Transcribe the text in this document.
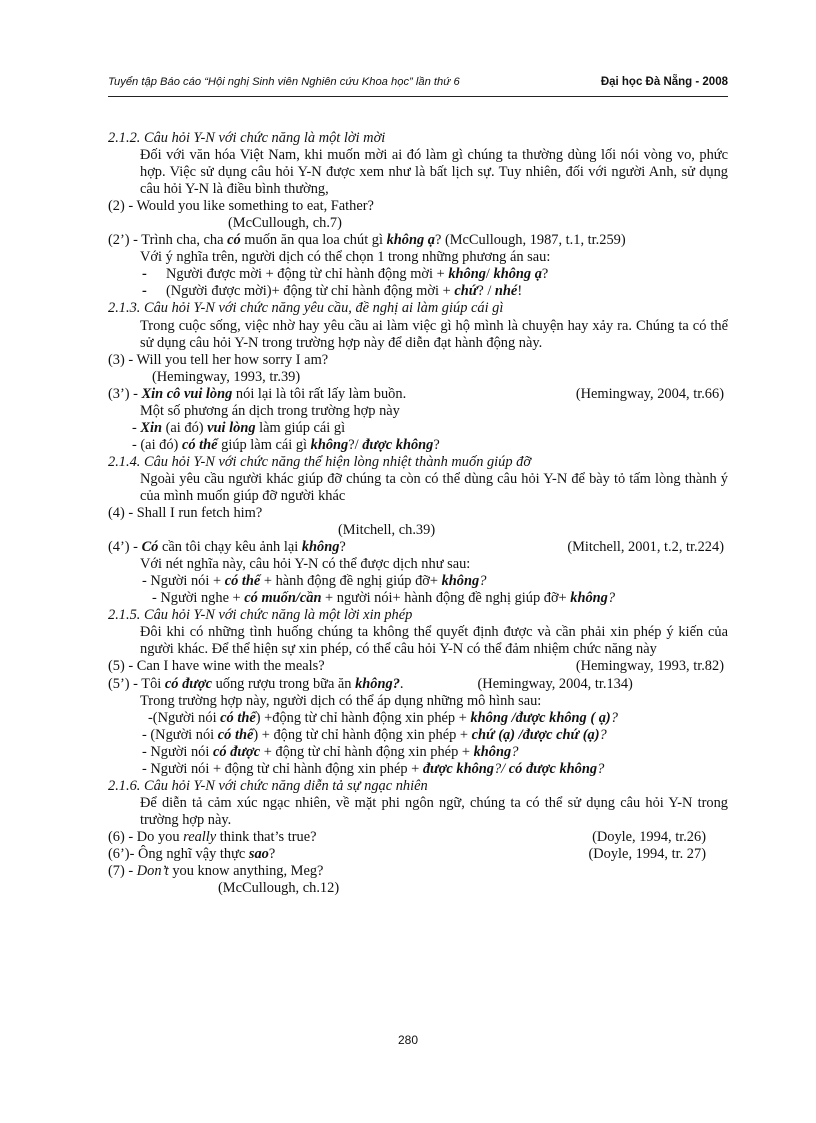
Tuyển tập Báo cáo “Hội nghị Sinh viên Nghiên cứu Khoa học” lần thứ 6	Đại học Đà Nẵng - 2008

2.1.2. Câu hỏi Y-N với chức năng là một lời mời

Đối với văn hóa Việt Nam, khi muốn mời ai đó làm gì chúng ta thường dùng lối nói vòng vo, phức hợp. Việc sử dụng câu hỏi Y-N được xem như là bất lịch sự. Tuy nhiên, đối với người Anh, sử dụng câu hỏi Y-N là điều bình thường,

(2) - Would you like something to eat, Father?

(McCullough, ch.7)

(2’) - Trình cha, cha có muốn ăn qua loa chút gì không ạ? (McCullough, 1987, t.1, tr.259)

Với ý nghĩa trên, người dịch có thể chọn 1 trong những phương án sau:

- Người được mời + động từ chỉ hành động mời + không/ không ạ?

- (Người được mời)+ động từ chỉ hành động mời + chứ? / nhé!

2.1.3. Câu hỏi Y-N với chức năng yêu cầu, đề nghị ai làm giúp cái gì

Trong cuộc sống, việc nhờ hay yêu cầu ai làm việc gì hộ mình là chuyện hay xảy ra. Chúng ta có thể sử dụng câu hỏi Y-N trong trường hợp này để diễn đạt hành động này.

(3) - Will you tell her how sorry I am?

(Hemingway, 1993, tr.39)

(3’) - Xin cô vui lòng nói lại là tôi rất lấy làm buồn.	(Hemingway, 2004, tr.66)

Một số phương án dịch trong trường hợp này

- Xin (ai đó) vui lòng làm giúp cái gì

- (ai đó) có thể giúp làm cái gì không?/ được không?

2.1.4. Câu hỏi Y-N với chức năng thể hiện lòng nhiệt thành muốn giúp đỡ

Ngoài yêu cầu người khác giúp đỡ chúng ta còn có thể dùng câu hỏi Y-N để bày tỏ tấm lòng thành ý của mình muốn giúp đỡ người khác

(4) - Shall I run fetch him?

(Mitchell, ch.39)

(4’) - Có cần tôi chạy kêu ảnh lại không?	(Mitchell, 2001, t.2, tr.224)

Với nét nghĩa này, câu hỏi Y-N có thể được dịch như sau:

- Người nói + có thể + hành động đề nghị giúp đỡ+ không?

- Người nghe + có muốn/cần + người nói+ hành động đề nghị giúp đỡ+ không?

2.1.5. Câu hỏi Y-N với chức năng là một lời xin phép

Đôi khi có những tình huống chúng ta không thể quyết định được và cần phải xin phép ý kiến của người khác. Để thể hiện sự xin phép, có thể câu hỏi Y-N có thể đảm nhiệm chức năng này

(5) - Can I have wine with the meals?	(Hemingway, 1993, tr.82)

(5’) - Tôi có được uống rượu trong bữa ăn không?.	(Hemingway, 2004, tr.134)

Trong trường hợp này, người dịch có thể áp dụng những mô hình sau:

-(Người nói có thể) +động từ chỉ hành động xin phép + không /được không ( ạ)?

- (Người nói có thể) + động từ chỉ hành động xin phép + chứ (ạ) /được chứ (ạ)?

- Người nói có được + động từ chỉ hành động xin phép + không?

- Người nói + động từ chỉ hành động xin phép + được không?/ có được không?

2.1.6. Câu hỏi Y-N với chức năng diễn tả sự ngạc nhiên

Để diễn tả cảm xúc ngạc nhiên, về mặt phi ngôn ngữ, chúng ta có thể sử dụng câu hỏi Y-N trong trường hợp này.

(6) - Do you really think that’s true?	(Doyle, 1994, tr.26)

(6’)- Ông nghĩ vậy thực sao?	(Doyle, 1994, tr. 27)

(7) - Don’t you know anything, Meg?

(McCullough, ch.12)

280
